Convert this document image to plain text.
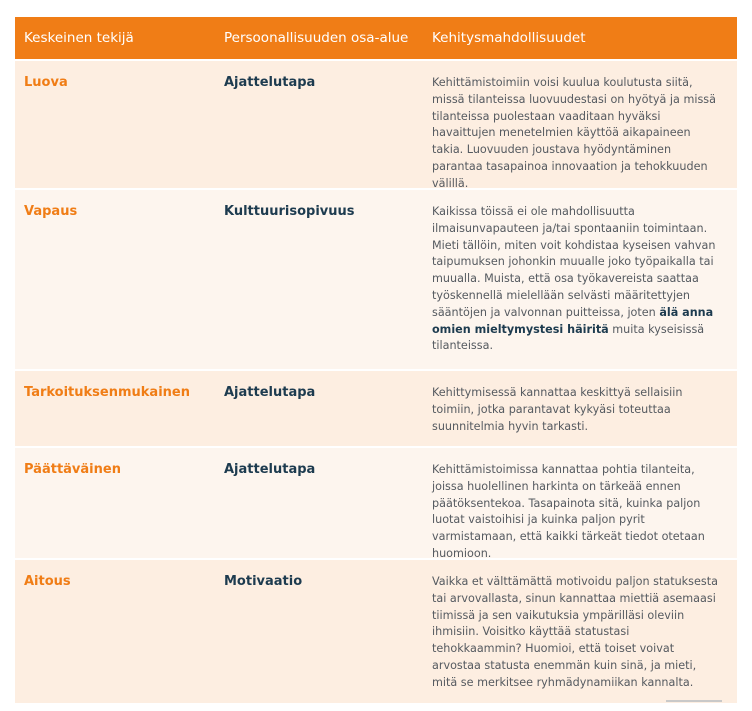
Keskeinen tekijä	Persoonallisuuden osa-alue	Kehitysmahdollisuudet
Luova	Ajattelutapa	Kehittämistoimiin voisi kuulua koulutusta siitä, missä tilanteissa luovuudestasi on hyötyä ja missä tilanteissa puolestaan vaaditaan hyväksi havaittujen menetelmien käyttöä aikapaineen takia. Luovuuden joustava hyödyntäminen parantaa tasapainoa innovaation ja tehokkuuden välillä.
Vapaus	Kulttuurisopivuus	Kaikissa töissä ei ole mahdollisuutta ilmaisunvapauteen ja/tai spontaaniin toimintaan. Mieti tällöin, miten voit kohdistaa kyseisen vahvan taipumuksen johonkin muualle joko työpaikalla tai muualla. Muista, että osa työkavereista saattaa työskennellä mielellään selvästi määritettyjen sääntöjen ja valvonnan puitteissa, joten älä anna omien mieltymystesi häiritä muita kyseisissä tilanteissa.
Tarkoituksenmukainen	Ajattelutapa	Kehittymisessä kannattaa keskittyä sellaisiin toimiin, jotka parantavat kykyäsi toteuttaa suunnitelmia hyvin tarkasti.
Päättäväinen	Ajattelutapa	Kehittämistoimissa kannattaa pohtia tilanteita, joissa huolellinen harkinta on tärkeää ennen päätöksentekoa. Tasapainota sitä, kuinka paljon luotat vaistoihisi ja kuinka paljon pyrit varmistamaan, että kaikki tärkeät tiedot otetaan huomioon.
Aitous	Motivaatio	Vaikka et välttämättä motivoidu paljon statuksesta tai arvovallasta, sinun kannattaa miettiä asemaasi tiimissä ja sen vaikutuksia ympärilläsi oleviin ihmisiin. Voisitko käyttää statustasi tehokkaammin? Huomioi, että toiset voivat arvostaa statusta enemmän kuin sinä, ja mieti, mitä se merkitsee ryhmädynamiikan kannalta.
